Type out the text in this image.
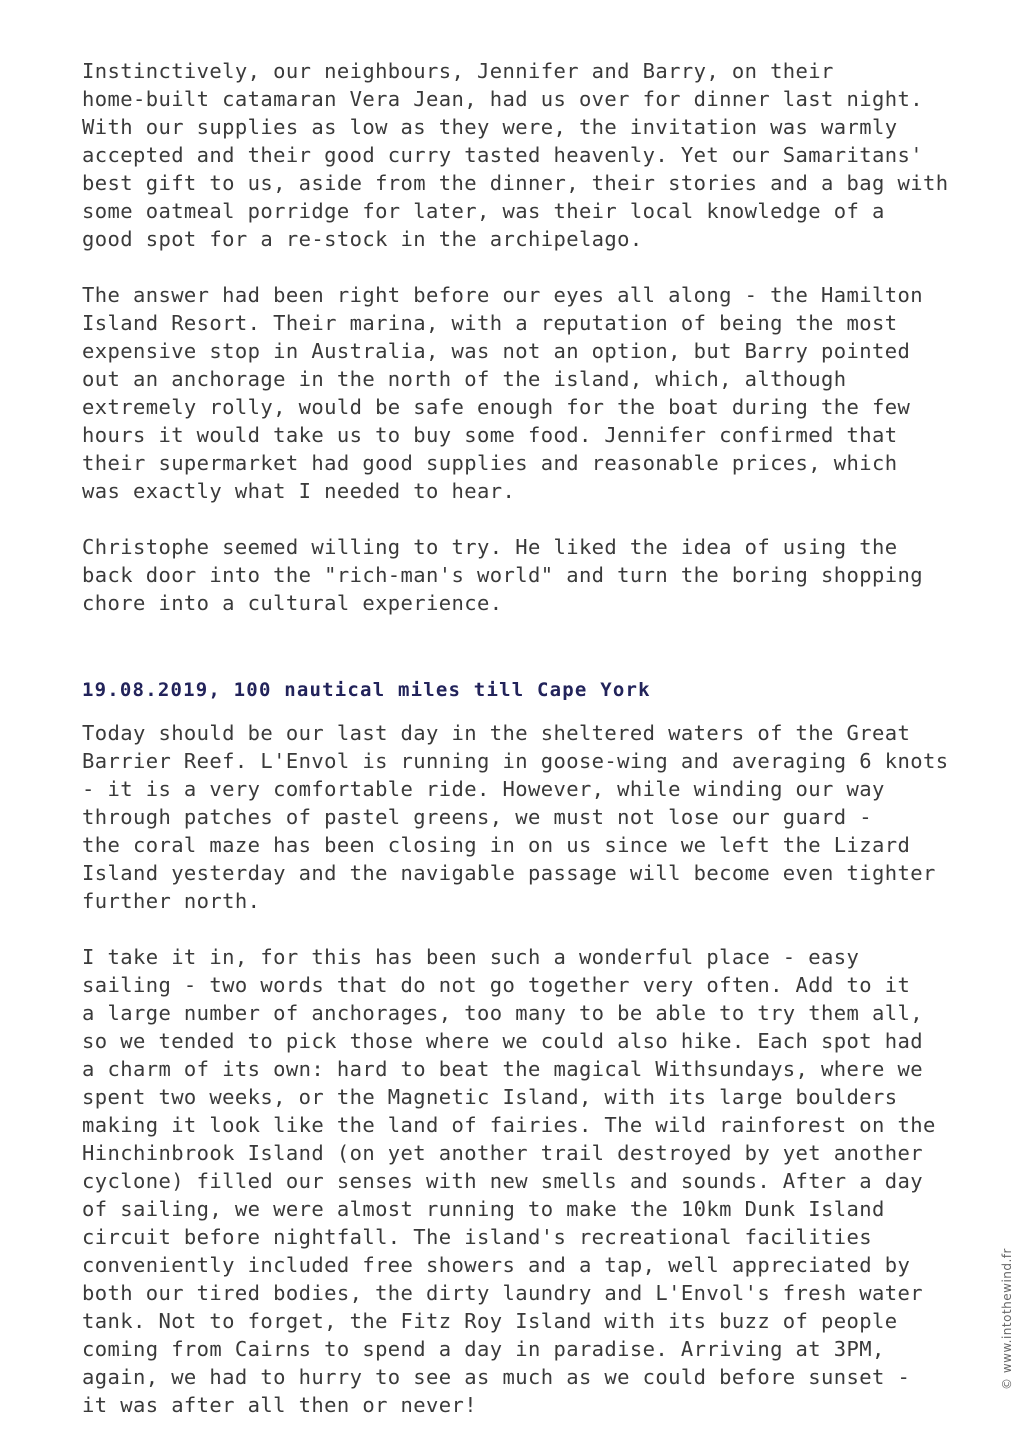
Instinctively, our neighbours, Jennifer and Barry, on their
home-built catamaran Vera Jean, had us over for dinner last night.
With our supplies as low as they were, the invitation was warmly
accepted and their good curry tasted heavenly. Yet our Samaritans'
best gift to us, aside from the dinner, their stories and a bag with
some oatmeal porridge for later, was their local knowledge of a
good spot for a re-stock in the archipelago.

The answer had been right before our eyes all along - the Hamilton
Island Resort. Their marina, with a reputation of being the most
expensive stop in Australia, was not an option, but Barry pointed
out an anchorage in the north of the island, which, although
extremely rolly, would be safe enough for the boat during the few
hours it would take us to buy some food. Jennifer confirmed that
their supermarket had good supplies and reasonable prices, which
was exactly what I needed to hear.

Christophe seemed willing to try. He liked the idea of using the
back door into the "rich-man's world" and turn the boring shopping
chore into a cultural experience.

19.08.2019, 100 nautical miles till Cape York

Today should be our last day in the sheltered waters of the Great
Barrier Reef. L'Envol is running in goose-wing and averaging 6 knots
- it is a very comfortable ride. However, while winding our way
through patches of pastel greens, we must not lose our guard -
the coral maze has been closing in on us since we left the Lizard
Island yesterday and the navigable passage will become even tighter
further north.

I take it in, for this has been such a wonderful place - easy
sailing - two words that do not go together very often. Add to it
a large number of anchorages, too many to be able to try them all,
so we tended to pick those where we could also hike. Each spot had
a charm of its own: hard to beat the magical Withsundays, where we
spent two weeks, or the Magnetic Island, with its large boulders
making it look like the land of fairies. The wild rainforest on the
Hinchinbrook Island (on yet another trail destroyed by yet another
cyclone) filled our senses with new smells and sounds. After a day
of sailing, we were almost running to make the 10km Dunk Island
circuit before nightfall. The island's recreational facilities
conveniently included free showers and a tap, well appreciated by
both our tired bodies, the dirty laundry and L'Envol's fresh water
tank. Not to forget, the Fitz Roy Island with its buzz of people
coming from Cairns to spend a day in paradise. Arriving at 3PM,
again, we had to hurry to see as much as we could before sunset -
it was after all then or never!

© www.intothewind.fr
